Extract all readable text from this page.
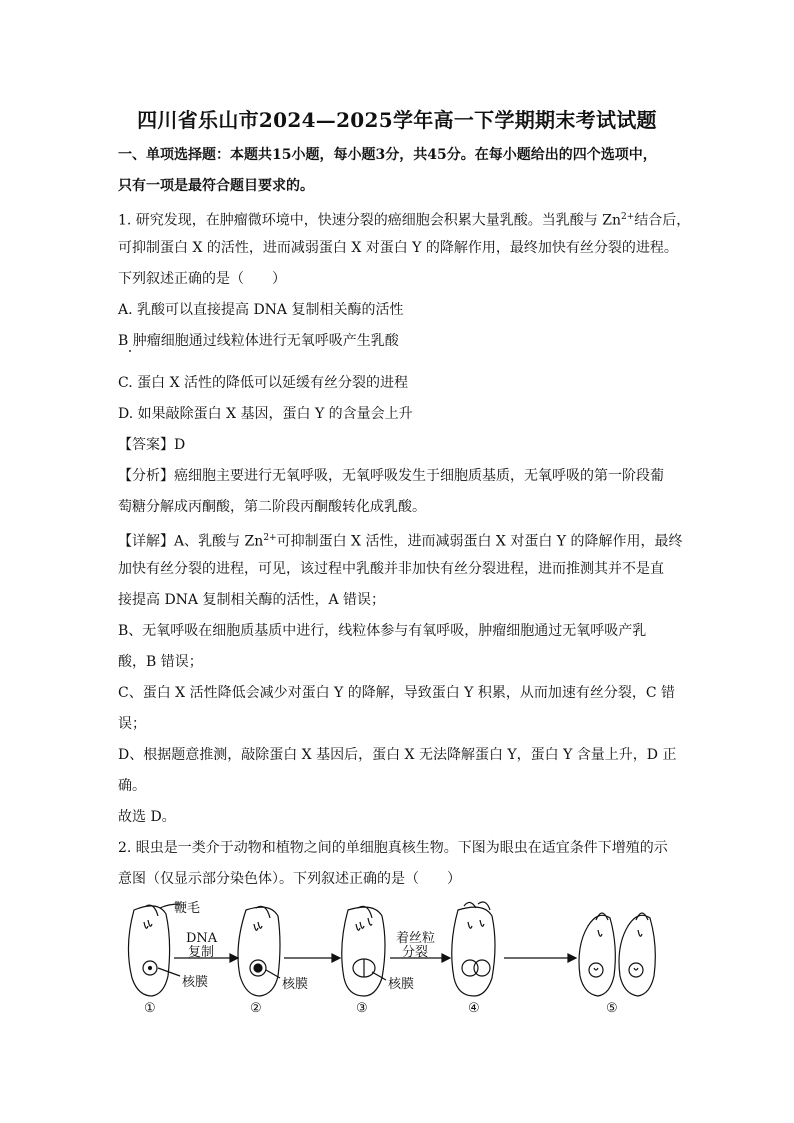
四川省乐山市2024—2025学年高一下学期期末考试试题
一、单项选择题：本题共15小题，每小题3分，共45分。在每小题给出的四个选项中，
只有一项是最符合题目要求的。
1. 研究发现，在肿瘤微环境中，快速分裂的癌细胞会积累大量乳酸。当乳酸与 $Zn^{2+}$结合后，
可抑制蛋白 X 的活性，进而减弱蛋白 X 对蛋白 Y 的降解作用，最终加快有丝分裂的进程。
下列叙述正确的是（　　）
A. 乳酸可以直接提高 DNA 复制相关酶的活性
B 肿瘤细胞通过线粒体进行无氧呼吸产生乳酸
C. 蛋白 X 活性的降低可以延缓有丝分裂的进程
D. 如果敲除蛋白 X 基因，蛋白 Y 的含量会上升
【答案】D
【分析】癌细胞主要进行无氧呼吸，无氧呼吸发生于细胞质基质，无氧呼吸的第一阶段葡
萄糖分解成丙酮酸，第二阶段丙酮酸转化成乳酸。
【详解】A、乳酸与 $Zn^{2+}$可抑制蛋白 X 活性，进而减弱蛋白 X 对蛋白 Y 的降解作用，最终
加快有丝分裂的进程，可见，该过程中乳酸并非加快有丝分裂进程，进而推测其并不是直
接提高 DNA 复制相关酶的活性，A 错误；
B、无氧呼吸在细胞质基质中进行，线粒体参与有氧呼吸，肿瘤细胞通过无氧呼吸产乳
酸，B 错误；
C、蛋白 X 活性降低会减少对蛋白 Y 的降解，导致蛋白 Y 积累，从而加速有丝分裂，C 错
误；
D、根据题意推测，敲除蛋白 X 基因后，蛋白 X 无法降解蛋白 Y，蛋白 Y 含量上升，D 正
确。
故选 D。
2. 眼虫是一类介于动物和植物之间的单细胞真核生物。下图为眼虫在适宜条件下增殖的示
意图（仅显示部分染色体）。下列叙述正确的是（　　）
鞭毛
DNA
复制
核膜	核膜
着丝粒
分裂
核膜
①	②	③	④	⑤
